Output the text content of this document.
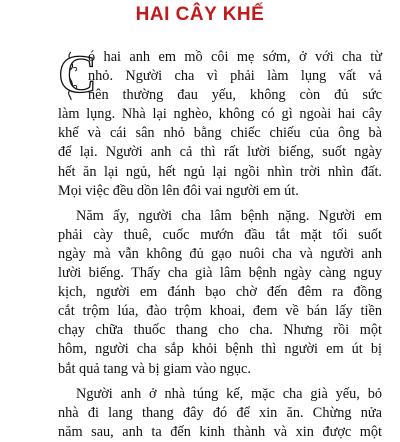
HAI CÂY KHẾ
C
ó hai anh em mồ côi mẹ sớm, ở với cha từ
nhỏ. Người cha vì phải làm lụng vất vả
nên thường đau yếu, không còn đủ sức
làm lụng. Nhà lại nghèo, không có gì ngoài hai cây
khế và cái sân nhỏ bằng chiếc chiếu của ông bà
để lại. Người anh cả thì rất lười biếng, suốt ngày
hết ăn lại ngủ, hết ngủ lại ngồi nhìn trời nhìn đất.
Mọi việc đều dồn lên đôi vai người em út.
Năm ấy, người cha lâm bệnh nặng. Người em
phải cày thuê, cuốc mướn đầu tắt mặt tối suốt
ngày mà vẫn không đủ gạo nuôi cha và người anh
lười biếng. Thấy cha già lâm bệnh ngày càng nguy
kịch, người em đánh bạo chờ đến đêm ra đồng
cắt trộm lúa, đào trộm khoai, đem về bán lấy tiền
chạy chữa thuốc thang cho cha. Nhưng rồi một
hôm, người cha sắp khỏi bệnh thì người em út bị
bắt quả tang và bị giam vào ngục.
Người anh ở nhà túng kế, mặc cha già yếu, bỏ
nhà đi lang thang đây đó để xin ăn. Chừng nửa
năm sau, anh ta đến kinh thành và xin được một
